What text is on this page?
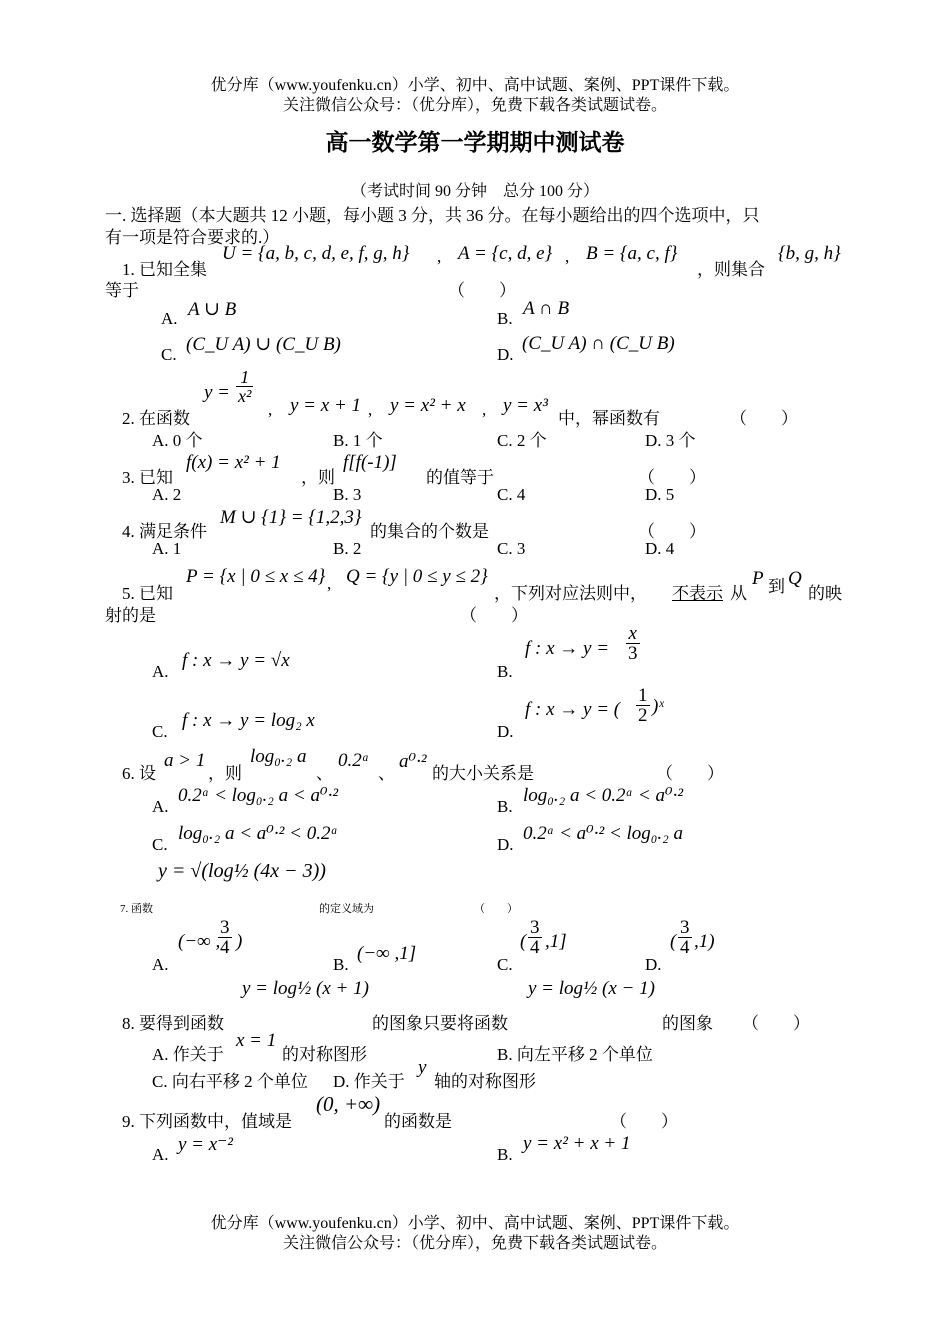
优分库（www.youfenku.cn）小学、初中、高中试题、案例、PPT课件下载。
关注微信公众号：（优分库），免费下载各类试题试卷。
高一数学第一学期期中测试卷
（考试时间 90 分钟　总分 100 分）
一. 选择题（本大题共 12 小题，每小题 3 分，共 36 分。在每小题给出的四个选项中，只
有一项是符合要求的.）
1. 已知全集
U = {a, b, c, d, e, f, g, h} , A = {c, d, e} , B = {a, c, f}
，则集合
{b, g, h}
等于	（　　）
A. A ∪ B	B. A ∩ B
C. (C_U A) ∪ (C_U B)	D.
(C_U A) ∩ (C_U B)
2. 在函数
$y = \frac{1}{\text{x²}}$
, y = x + 1 , y = x² + x , y = x³
中，幂函数有	（　　）
A. 0 个	B. 1 个	C. 2 个	D. 3 个
3. 已知
f(x) = x² + 1
，则
f[f(-1)]
的值等于	（　　）
A. 2	B. 3	C. 4	D. 5
4. 满足条件
M ∪ {1} = {1,2,3}
的集合的个数是	（　　）
A. 1	B. 2	C. 3	D. 4
5. 已知
P = {x | 0 ≤ x ≤ 4} , Q = {y | 0 ≤ y ≤ 2}
，下列对应法则中， 不表示 从
P 到 Q
的映
射的是	（　　）
A.
f : x → y = √x
B.
f : $x \to y = \frac{x}{3}$
C.
f : x → y = log₂ x
D.
f : x → y = ( $\frac{1}{2}$ )ˣ
6. 设
a > 1
，则
log₀.₂ a
、
0.2ᵃ
、
a⁰·²
的大小关系是	（　　）
A.
0.2ᵃ < log₀.₂ a < a⁰·²
B.
log₀.₂ a < 0.2ᵃ < a⁰·²
C.
log₀.₂ a < a⁰·² < 0.2ᵃ
D.
0.2ᵃ < a⁰·² < log₀.₂ a
y = √(log½ (4x − 3))
7. 函数	的定义域为	（　　）
A.
(−∞ ,
$\frac{3}{4}$ )
B.
(−∞ ,1]
C.
( $\frac{3}{4} ,1$]
D.
( $\frac{3}{4} ,1$)
y = log½ (x + 1)	y = log½ (x − 1)
8. 要得到函数	的图象只要将函数	的图象 （　　）
A. 作关于
x = 1
的对称图形	B. 向左平移 2 个单位
C. 向右平移 2 个单位 D. 作关于
y
轴的对称图形
9. 下列函数中，值域是
(0, +∞)
的函数是	（　　）
A. y = x⁻²	B.
y = x² + x + 1
优分库（www.youfenku.cn）小学、初中、高中试题、案例、PPT课件下载。
关注微信公众号：（优分库），免费下载各类试题试卷。
